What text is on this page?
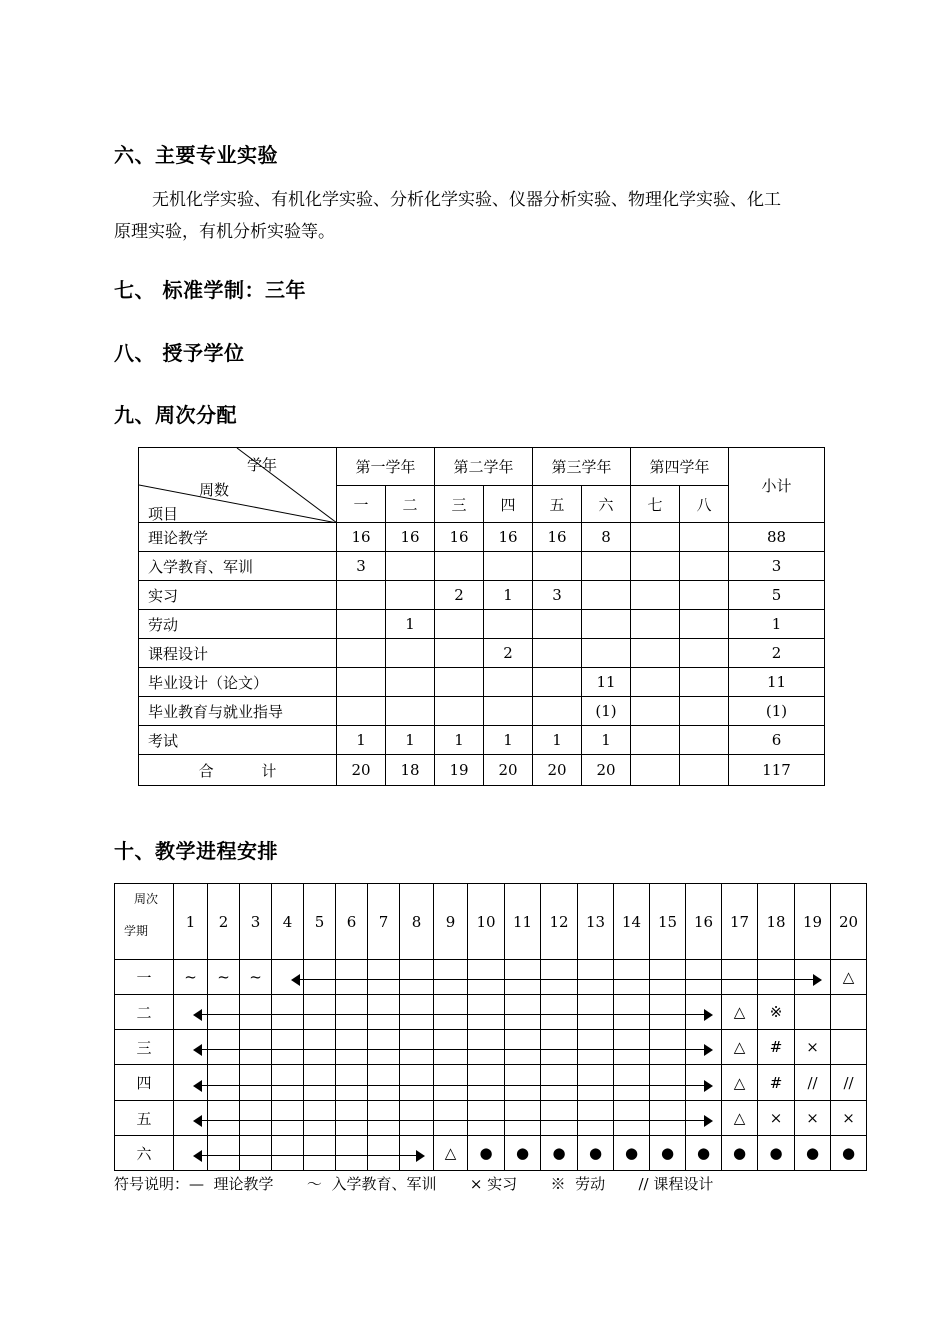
六、主要专业实验

无机化学实验、有机化学实验、分析化学实验、仪器分析实验、物理化学实验、化工
原理实验，有机分析实验等。

七、 标准学制：三年
八、 授予学位
九、周次分配
学年
周数
项目	第一学年		第二学年		第三学年		第四学年		小计
	一	二	三	四	五	六	七	八	
理论教学	16	16	16	16	16	8			88
入学教育、军训	3								3
实习			2	1	3				5
劳动		1							1
课程设计				2					2
毕业设计（论文）						11			11
毕业教育与就业指导						(1)			(1)
考试	1	1	1	1	1	1			6
合          计	20	18	19	20	20	20			117
十、教学进程安排
周次
学期	1	2	3	4	5	6	7	8	9	10	11	12	13	14	15	16	17	18	19	20
一	~	~	~																	△
二																	△	※		
三																	△	#	×	
四																	△	#	//	//
五																	△	×	×	×
六									△	●	●	●	●	●	●	●	●	●	●	●
符号说明：—  理论教学       ～  入学教育、军训       × 实习       ※  劳动       // 课程设计
